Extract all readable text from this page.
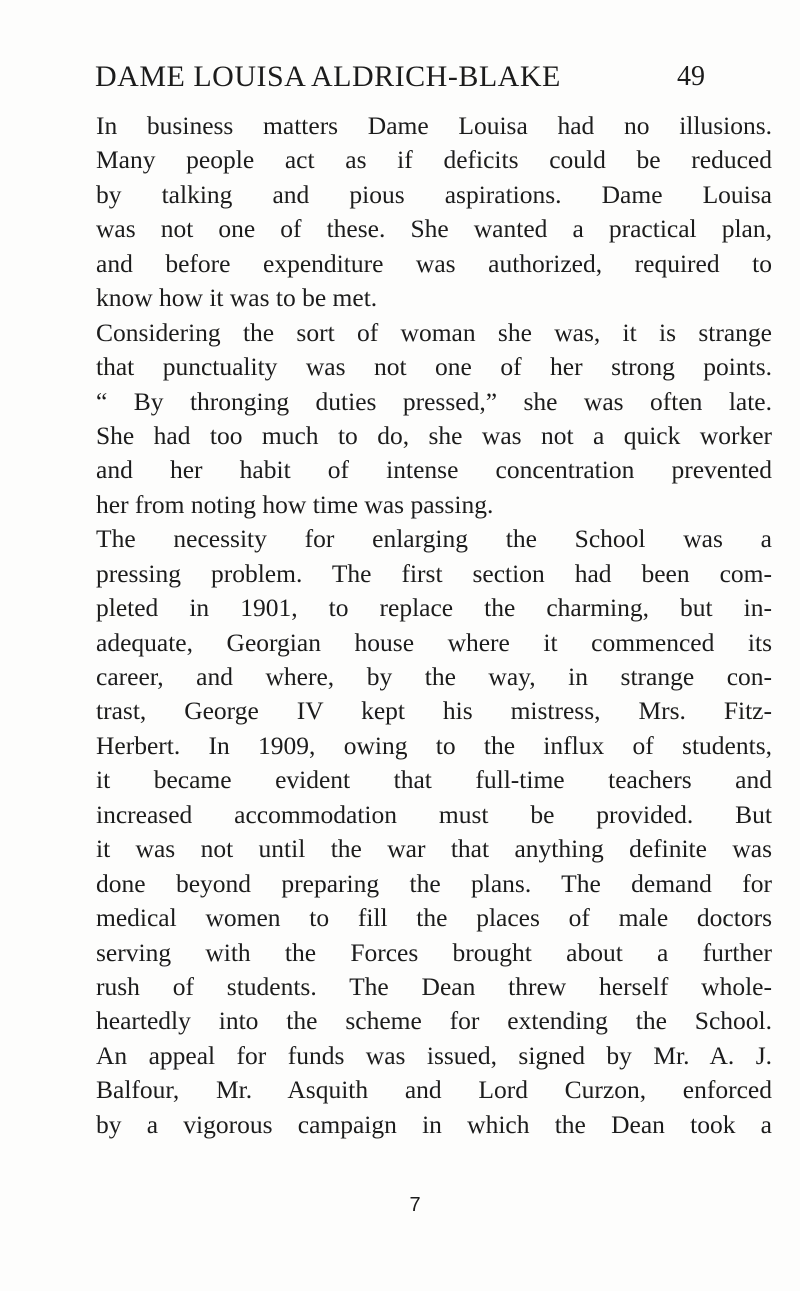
DAME LOUISA ALDRICH-BLAKE	49
In business matters Dame Louisa had no illusions.
Many people act as if deficits could be reduced
by talking and pious aspirations. Dame Louisa
was not one of these. She wanted a practical plan,
and before expenditure was authorized, required to
know how it was to be met.
Considering the sort of woman she was, it is strange
that punctuality was not one of her strong points.
“ By thronging duties pressed,” she was often late.
She had too much to do, she was not a quick worker
and her habit of intense concentration prevented
her from noting how time was passing.
The necessity for enlarging the School was a
pressing problem. The first section had been com-
pleted in 1901, to replace the charming, but in-
adequate, Georgian house where it commenced its
career, and where, by the way, in strange con-
trast, George IV kept his mistress, Mrs. Fitz-
Herbert. In 1909, owing to the influx of students,
it became evident that full-time teachers and
increased accommodation must be provided. But
it was not until the war that anything definite was
done beyond preparing the plans. The demand for
medical women to fill the places of male doctors
serving with the Forces brought about a further
rush of students. The Dean threw herself whole-
heartedly into the scheme for extending the School.
An appeal for funds was issued, signed by Mr. A. J.
Balfour, Mr. Asquith and Lord Curzon, enforced
by a vigorous campaign in which the Dean took a
7
